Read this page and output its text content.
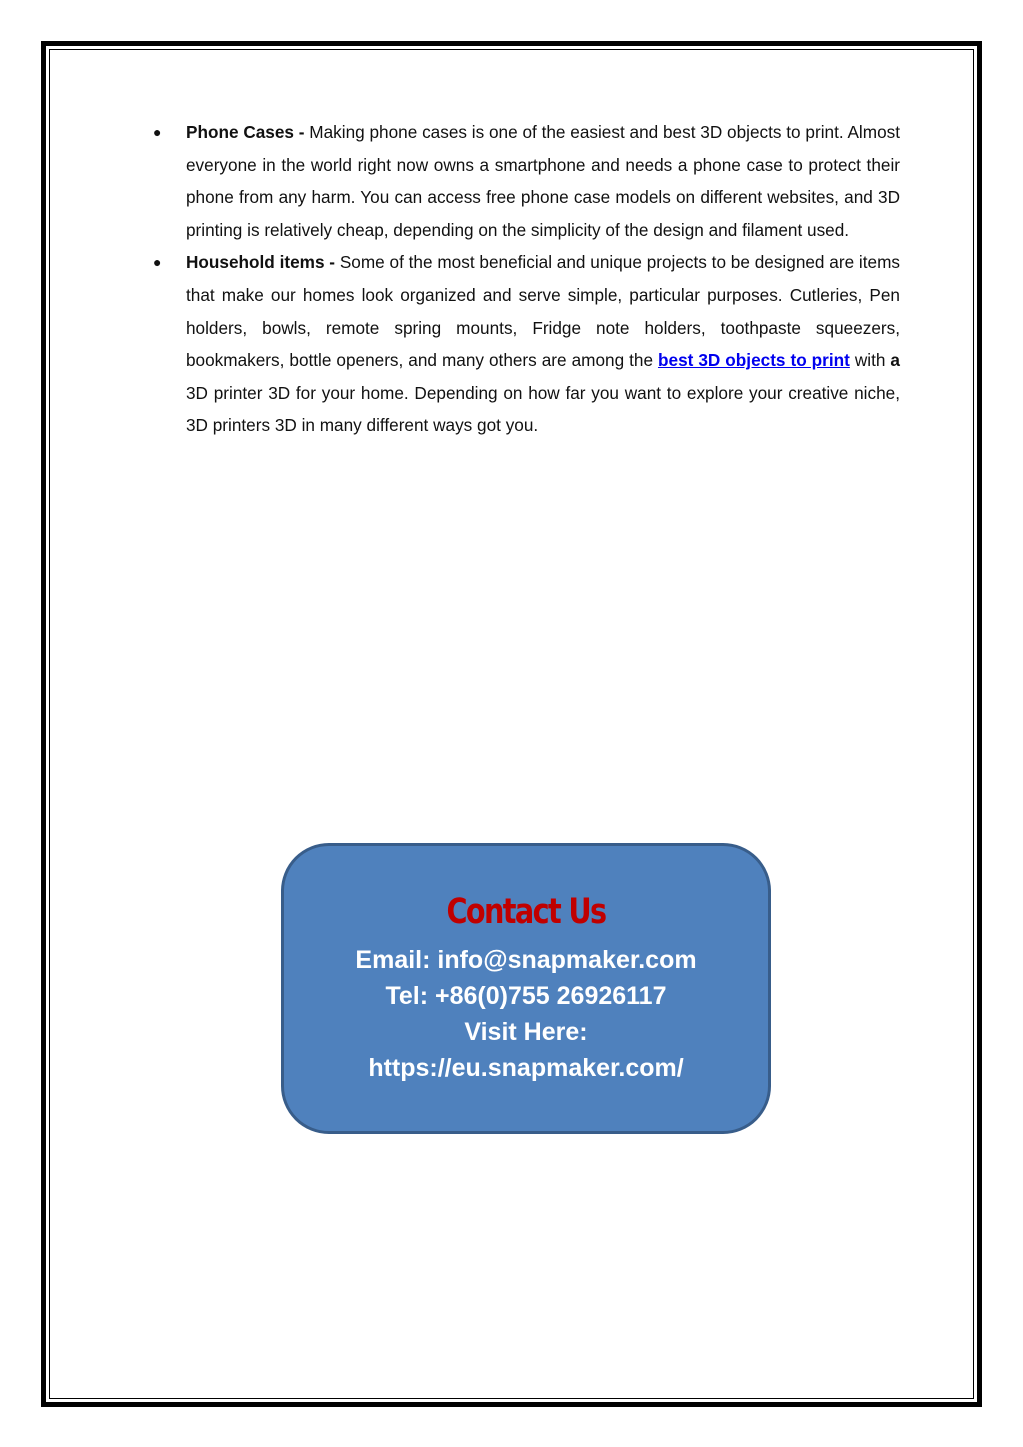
● Phone Cases - Making phone cases is one of the easiest and best 3D objects to print. Almost everyone in the world right now owns a smartphone and needs a phone case to protect their phone from any harm. You can access free phone case models on different websites, and 3D printing is relatively cheap, depending on the simplicity of the design and filament used.
● Household items - Some of the most beneficial and unique projects to be designed are items that make our homes look organized and serve simple, particular purposes. Cutleries, Pen holders, bowls, remote spring mounts, Fridge note holders, toothpaste squeezers, bookmakers, bottle openers, and many others are among the best 3D objects to print with a 3D printer 3D for your home. Depending on how far you want to explore your creative niche, 3D printers 3D in many different ways got you.
Contact Us
Email: info@snapmaker.com
Tel: +86(0)755 26926117
Visit Here:
https://eu.snapmaker.com/
